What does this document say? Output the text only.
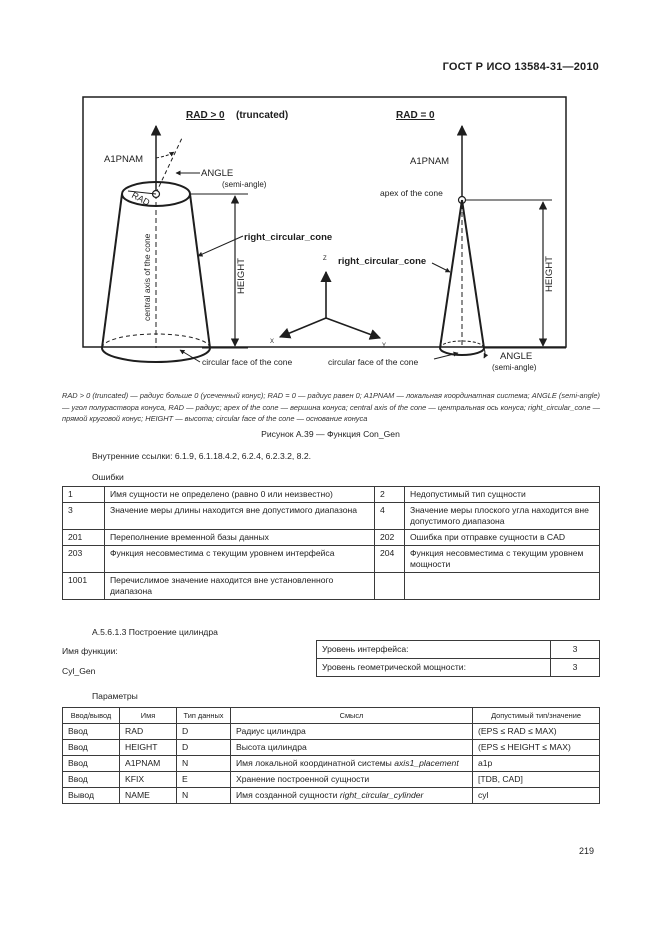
ГОСТ Р ИСО 13584-31—2010
RAD > 0 (truncated)
A1PNAM
ANGLE
(semi-angle)
RAD
central axis of the cone	right_circular_cone
HEIGHT
circular face of the cone
Z
X
Y
RAD = 0
A1PNAM
apex of the cone
right_circular_cone	HEIGHT
circular face of the cone	ANGLE
(semi-angle)
RAD > 0 (truncated) — радиус больше 0 (усеченный конус); RAD = 0 — радиус равен 0; A1PNAM — локальная координатная система; ANGLE (semi-angle) — угол полураствора конуса, RAD — радиус; apex of the cone — вершина конуса; central axis of the cone — центральная ось конуса; right_circular_cone — прямой круговой конус; HEIGHT — высота; circular face of the cone — основание конуса
Рисунок А.39 — Функция Con_Gen
Внутренние ссылки: 6.1.9, 6.1.18.4.2, 6.2.4, 6.2.3.2, 8.2.
Ошибки
1	Имя сущности не определено (равно 0 или неизвестно)	2	Недопустимый тип сущности
3	Значение меры длины находится вне допустимого диапазона	4	Значение меры плоского угла находится вне допустимого диапазона
201	Переполнение временной базы данных	202	Ошибка при отправке сущности в CAD
203	Функция несовместима с текущим уровнем интерфейса	204	Функция несовместима с текущим уровнем мощности
1001	Перечислимое значение находится вне установленного диапазона		
А.5.6.1.3 Построение цилиндра
Имя функции:
Cyl_Gen
Уровень интерфейса:	3
Уровень геометрической мощности:	3
Параметры
Ввод/вывод	Имя	Тип данных	Смысл	Допустимый тип/значение
Ввод	RAD	D	Радиус цилиндра	(EPS ≤ RAD ≤ MAX)
Ввод	HEIGHT	D	Высота цилиндра	(EPS ≤ HEIGHT ≤ MAX)
Ввод	A1PNAM	N	Имя локальной координатной системы axis1_placement	a1p
Ввод	KFIX	E	Хранение построенной сущности	[TDB, CAD]
Вывод	NAME	N	Имя созданной сущности right_circular_cylinder	cyl
219
